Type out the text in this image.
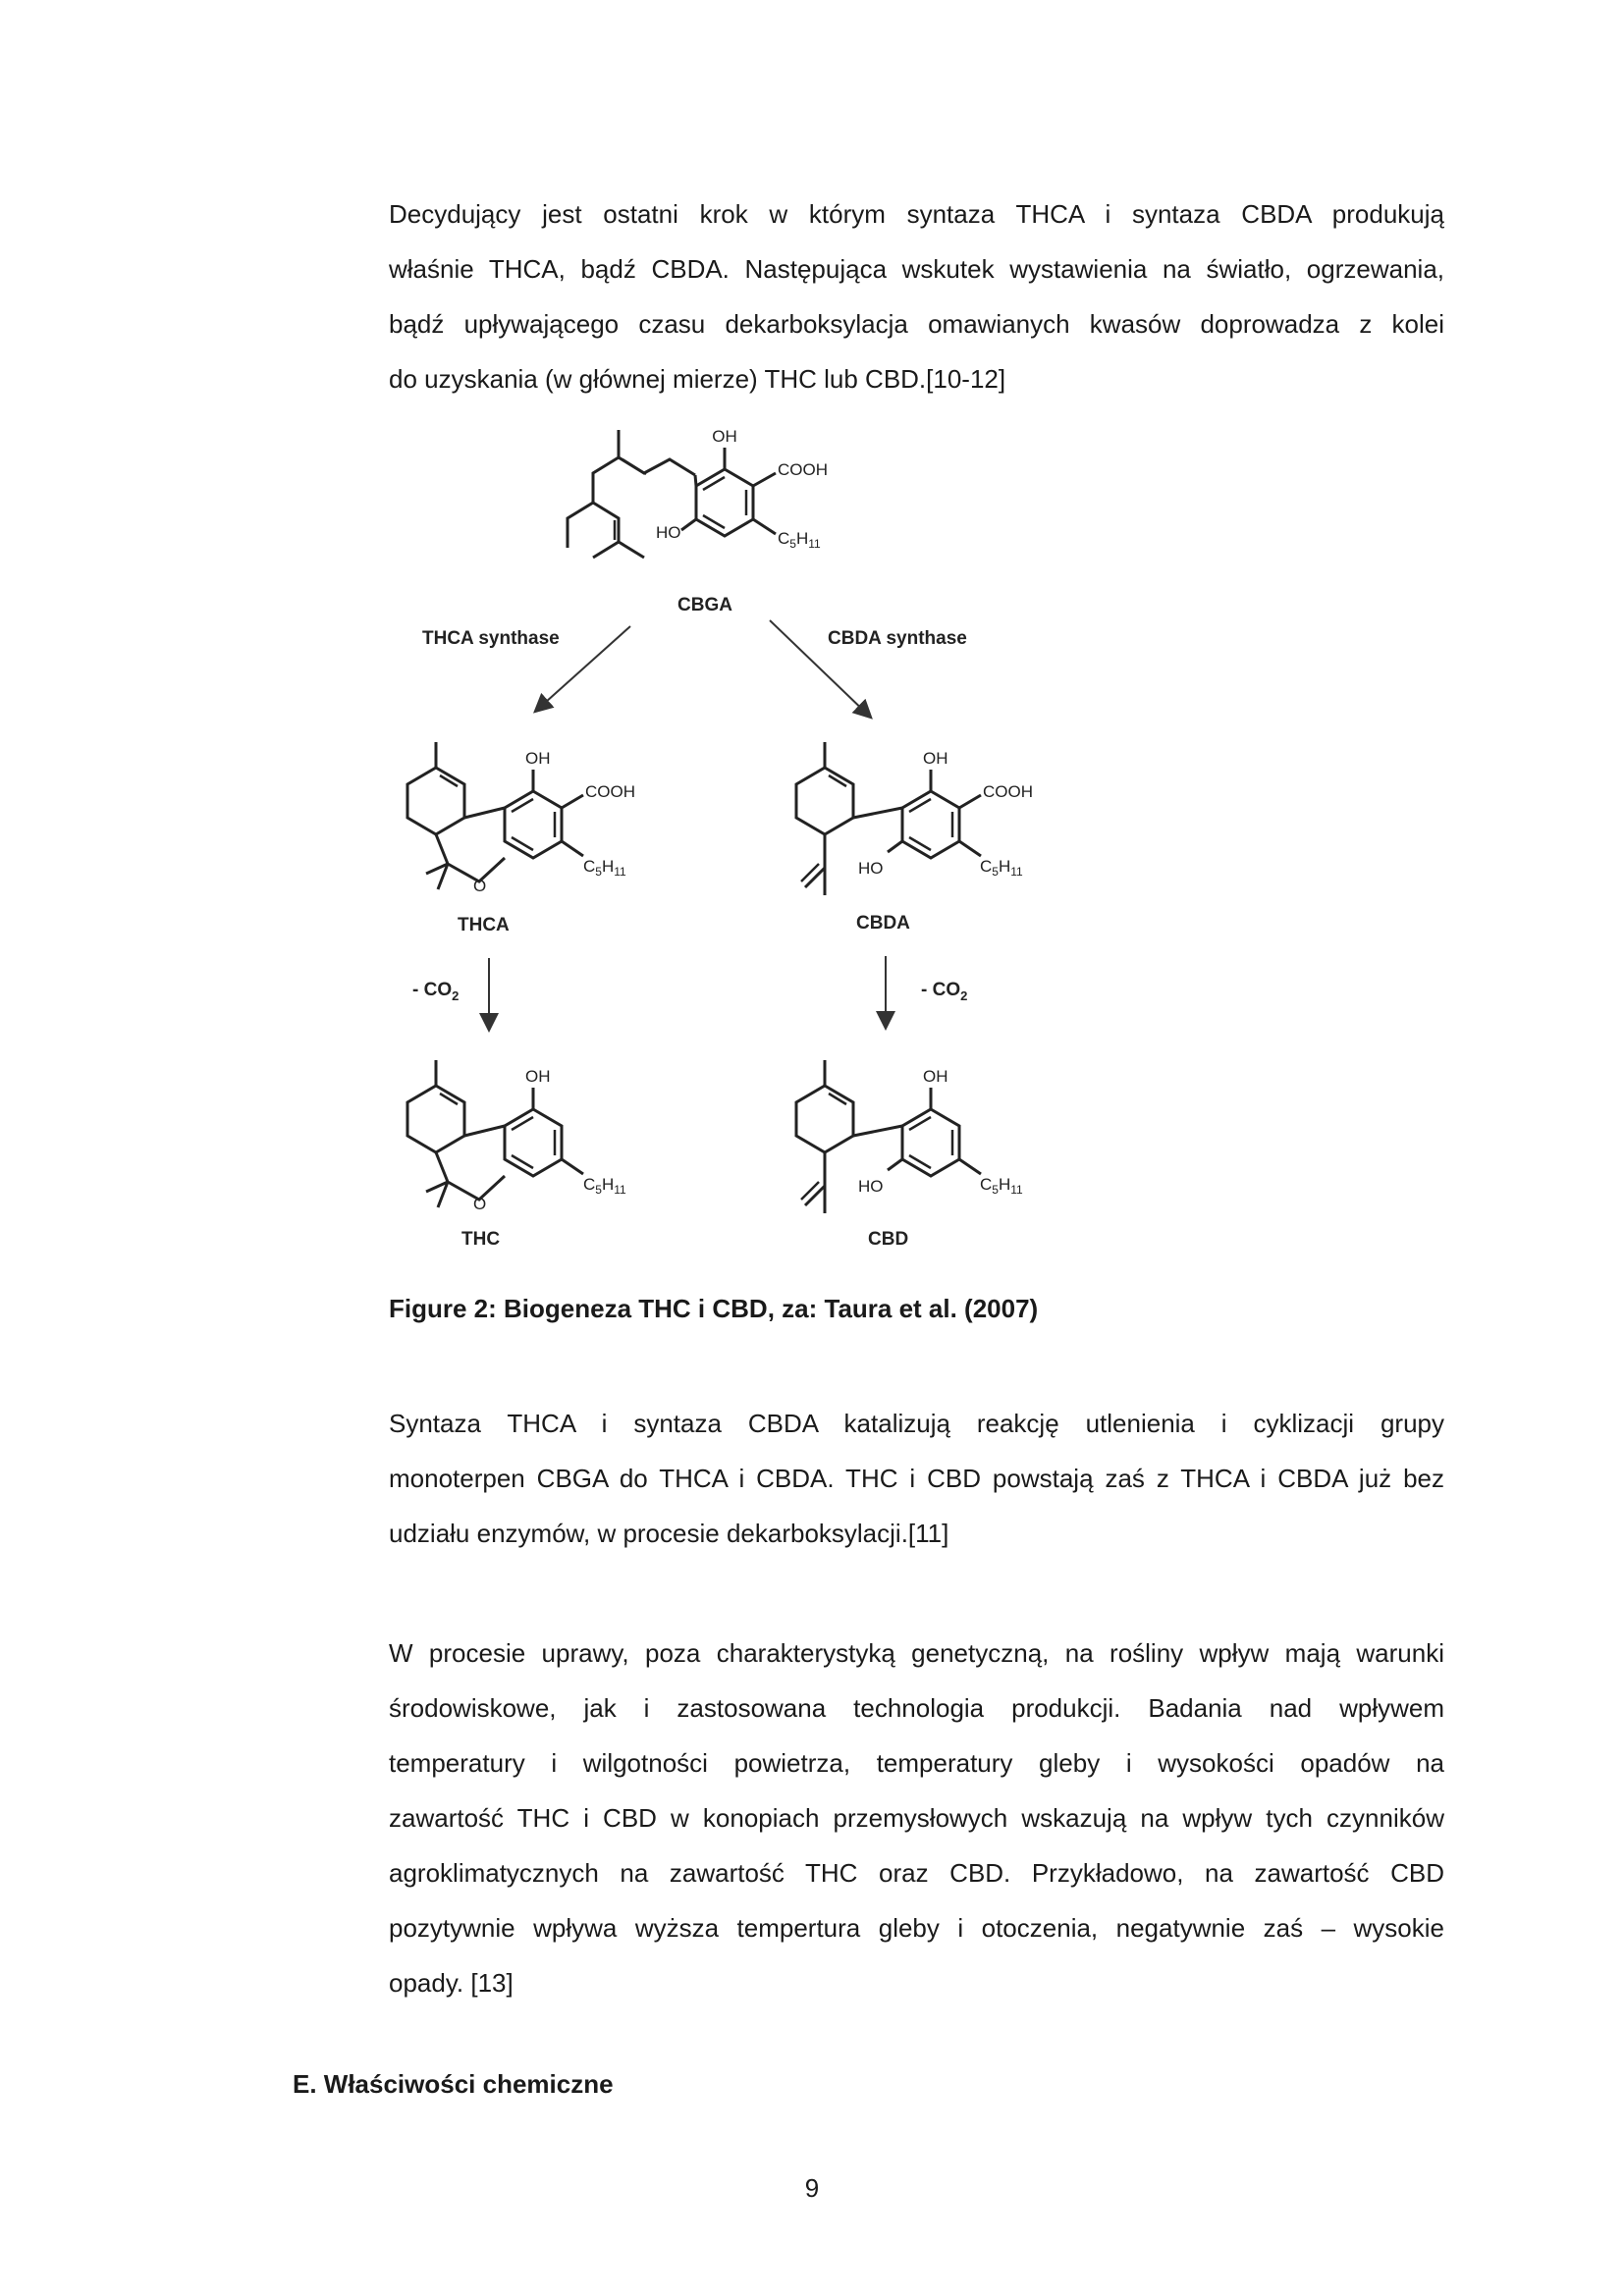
Decydujący jest ostatni krok w którym syntaza THCA i syntaza CBDA produkują
właśnie THCA, bądź CBDA. Następująca wskutek wystawienia na światło, ogrzewania,
bądź upływającego czasu dekarboksylacja omawianych kwasów doprowadza z kolei
do uzyskania (w głównej mierze) THC lub CBD.[10-12]
OH
COOH
HO	$C_5H_{11}$
CBGA
THCA synthase	CBDA synthase
OH
COOH
O
$C_5H_{11}$
THCA
OH
COOH
HO	$C_5H_{11}$
CBDA
- $CO_2$	- $CO_2$
OH
O
$C_5H_{11}$
THC
OH
HO	$C_5H_{11}$
CBD
Figure 2: Biogeneza THC i CBD, za: Taura et al. (2007)
Syntaza THCA i syntaza CBDA katalizują reakcję utlenienia i cyklizacji grupy
monoterpen CBGA do THCA i CBDA. THC i CBD powstają zaś z THCA i CBDA już bez
udziału enzymów, w procesie dekarboksylacji.[11]
W procesie uprawy, poza charakterystyką genetyczną, na rośliny wpływ mają warunki
środowiskowe, jak i zastosowana technologia produkcji. Badania nad wpływem
temperatury i wilgotności powietrza, temperatury gleby i wysokości opadów na
zawartość THC i CBD w konopiach przemysłowych wskazują na wpływ tych czynników
agroklimatycznych na zawartość THC oraz CBD. Przykładowo, na zawartość CBD
pozytywnie wpływa wyższa tempertura gleby i otoczenia, negatywnie zaś – wysokie
opady. [13]
E. Właściwości chemiczne
9
